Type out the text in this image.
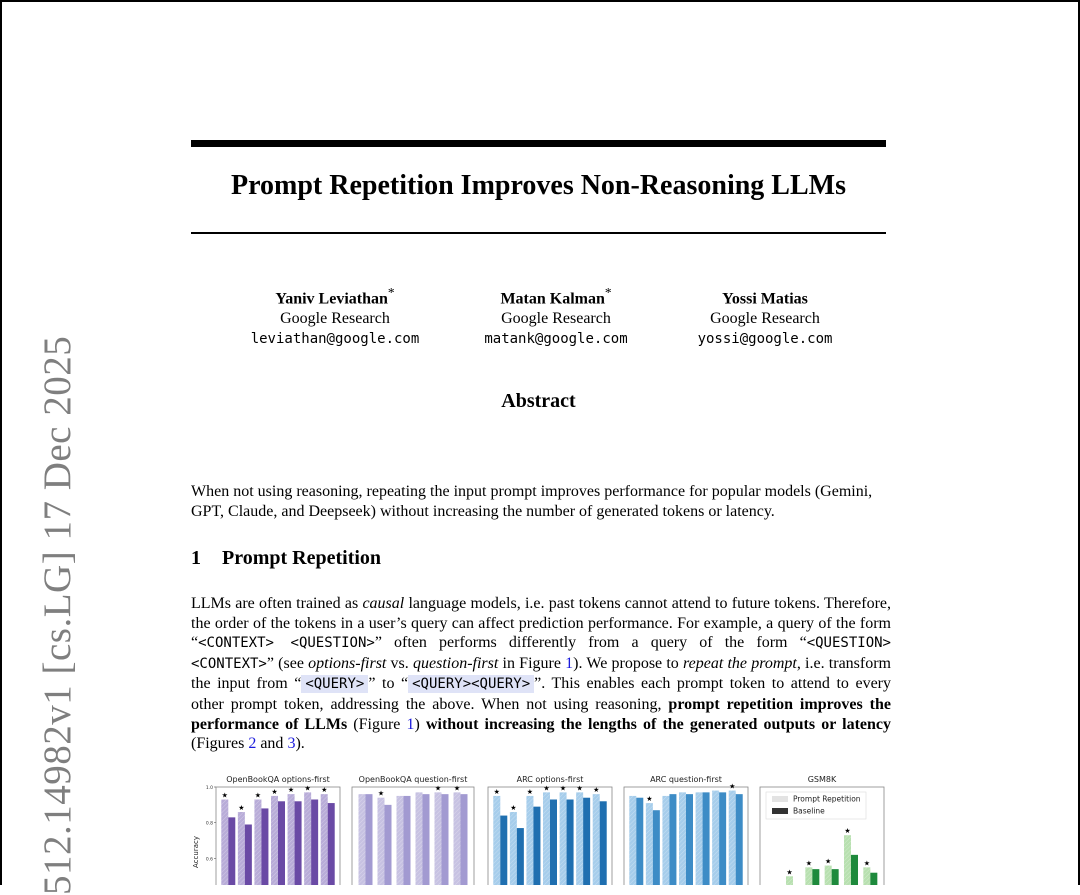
512.14982v1 [cs.LG] 17 Dec 2025
Prompt Repetition Improves Non-Reasoning LLMs
Yaniv Leviathan*
Google Research
leviathan@google.com
Matan Kalman*
Google Research
matank@google.com
Yossi Matias
Google Research
yossi@google.com
Abstract
When not using reasoning, repeating the input prompt improves performance for popular models (Gemini, GPT, Claude, and Deepseek) without increasing the number of generated tokens or latency.
1 Prompt Repetition
LLMs are often trained as causal language models, i.e. past tokens cannot attend to future tokens. Therefore, the order of the tokens in a user’s query can affect prediction performance. For example, a query of the form “<CONTEXT> <QUESTION>” often performs differently from a query of the form “<QUESTION> <CONTEXT>” (see options-first vs. question-first in Figure 1). We propose to repeat the prompt, i.e. transform the input from “ <QUERY> ” to “ <QUERY><QUERY> ”. This enables each prompt token to attend to every other prompt token, addressing the above. When not using reasoning, prompt repetition improves the performance of LLMs (Figure 1) without increasing the lengths of the generated outputs or latency (Figures 2 and 3).
OpenBookQA options-first
1.0
0.8
0.6
Accuracy
★
★
★ ★ ★ ★ ★
OpenBookQA question-first
★
★ ★
ARC options-first
★
★
★ ★ ★ ★ ★
ARC question-first
★
★
GSM8K
★
★ ★
★
★
Prompt Repetition
Baseline
